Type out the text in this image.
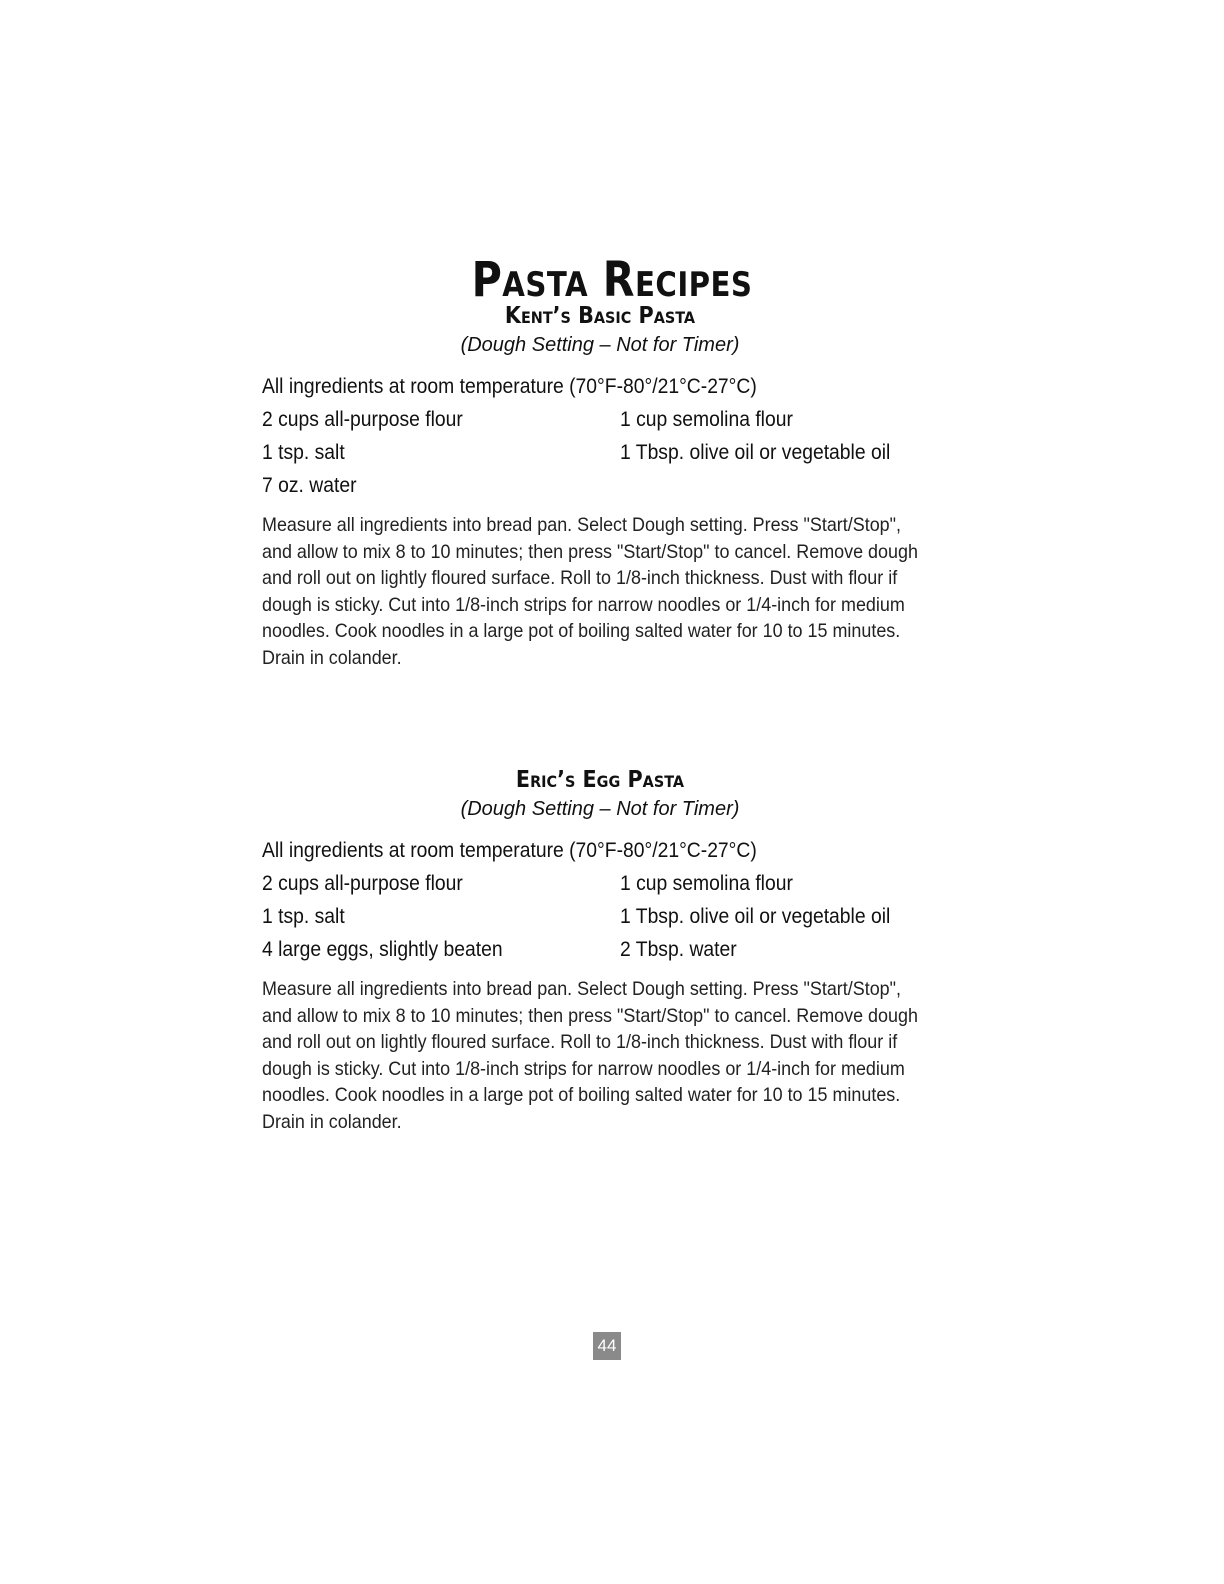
Pasta Recipes
Kent’s Basic Pasta
(Dough Setting – Not for Timer)
All ingredients at room temperature (70°F-80°/21°C-27°C)
2 cups all-purpose flour	1 cup semolina flour
1 tsp. salt	1 Tbsp. olive oil or vegetable oil
7 oz. water
Measure all ingredients into bread pan. Select Dough setting. Press "Start/Stop",
and allow to mix 8 to 10 minutes; then press "Start/Stop" to cancel. Remove dough
and roll out on lightly floured surface. Roll to 1/8-inch thickness. Dust with flour if
dough is sticky. Cut into 1/8-inch strips for narrow noodles or 1/4-inch for medium
noodles. Cook noodles in a large pot of boiling salted water for 10 to 15 minutes.
Drain in colander.
Eric’s Egg Pasta
(Dough Setting – Not for Timer)
All ingredients at room temperature (70°F-80°/21°C-27°C)
2 cups all-purpose flour	1 cup semolina flour
1 tsp. salt	1 Tbsp. olive oil or vegetable oil
4 large eggs, slightly beaten	2 Tbsp. water
Measure all ingredients into bread pan. Select Dough setting. Press "Start/Stop",
and allow to mix 8 to 10 minutes; then press "Start/Stop" to cancel. Remove dough
and roll out on lightly floured surface. Roll to 1/8-inch thickness. Dust with flour if
dough is sticky. Cut into 1/8-inch strips for narrow noodles or 1/4-inch for medium
noodles. Cook noodles in a large pot of boiling salted water for 10 to 15 minutes.
Drain in colander.
44
